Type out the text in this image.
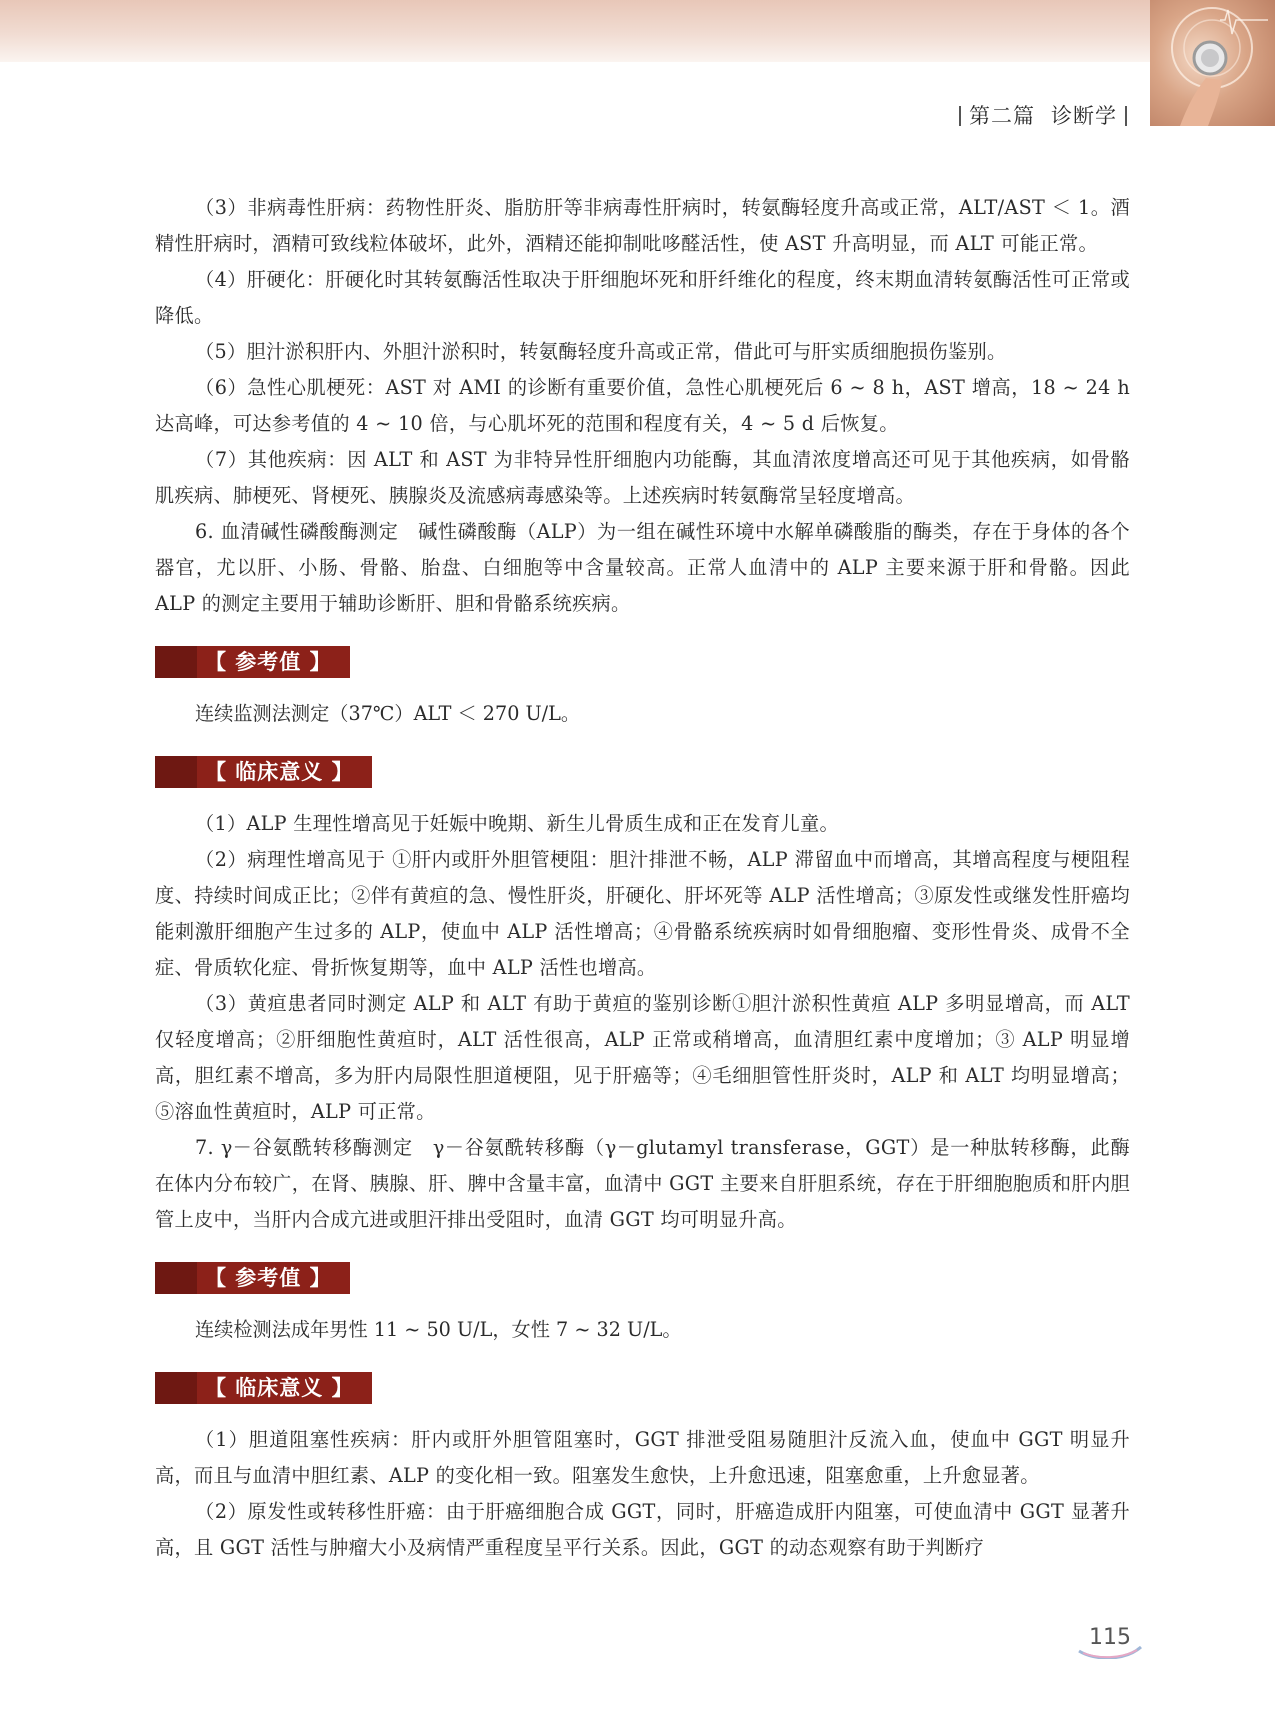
第二篇 诊断学

（3）非病毒性肝病：药物性肝炎、脂肪肝等非病毒性肝病时，转氨酶轻度升高或正常，ALT/AST ＜ 1。酒精性肝病时，酒精可致线粒体破坏，此外，酒精还能抑制吡哆醛活性，使 AST 升高明显，而 ALT 可能正常。

（4）肝硬化：肝硬化时其转氨酶活性取决于肝细胞坏死和肝纤维化的程度，终末期血清转氨酶活性可正常或降低。

（5）胆汁淤积肝内、外胆汁淤积时，转氨酶轻度升高或正常，借此可与肝实质细胞损伤鉴别。

（6）急性心肌梗死：AST 对 AMI 的诊断有重要价值，急性心肌梗死后 6 ~ 8 h，AST 增高，18 ~ 24 h 达高峰，可达参考值的 4 ~ 10 倍，与心肌坏死的范围和程度有关，4 ~ 5 d 后恢复。

（7）其他疾病：因 ALT 和 AST 为非特异性肝细胞内功能酶，其血清浓度增高还可见于其他疾病，如骨骼肌疾病、肺梗死、肾梗死、胰腺炎及流感病毒感染等。上述疾病时转氨酶常呈轻度增高。

6. 血清碱性磷酸酶测定　碱性磷酸酶（ALP）为一组在碱性环境中水解单磷酸脂的酶类，存在于身体的各个器官，尤以肝、小肠、骨骼、胎盘、白细胞等中含量较高。正常人血清中的 ALP 主要来源于肝和骨骼。因此 ALP 的测定主要用于辅助诊断肝、胆和骨骼系统疾病。

【 参考值 】

连续监测法测定（37℃）ALT ＜ 270 U/L。

【 临床意义 】

（1）ALP 生理性增高见于妊娠中晚期、新生儿骨质生成和正在发育儿童。

（2）病理性增高见于 ①肝内或肝外胆管梗阻：胆汁排泄不畅，ALP 滞留血中而增高，其增高程度与梗阻程度、持续时间成正比；②伴有黄疸的急、慢性肝炎，肝硬化、肝坏死等 ALP 活性增高；③原发性或继发性肝癌均能刺激肝细胞产生过多的 ALP，使血中 ALP 活性增高；④骨骼系统疾病时如骨细胞瘤、变形性骨炎、成骨不全症、骨质软化症、骨折恢复期等，血中 ALP 活性也增高。

（3）黄疸患者同时测定 ALP 和 ALT 有助于黄疸的鉴别诊断①胆汁淤积性黄疸 ALP 多明显增高，而 ALT 仅轻度增高；②肝细胞性黄疸时，ALT 活性很高，ALP 正常或稍增高，血清胆红素中度增加；③ ALP 明显增高，胆红素不增高，多为肝内局限性胆道梗阻，见于肝癌等；④毛细胆管性肝炎时，ALP 和 ALT 均明显增高；⑤溶血性黄疸时，ALP 可正常。

7. γ－谷氨酰转移酶测定　γ－谷氨酰转移酶（γ－glutamyl transferase，GGT）是一种肽转移酶，此酶在体内分布较广，在肾、胰腺、肝、脾中含量丰富，血清中 GGT 主要来自肝胆系统，存在于肝细胞胞质和肝内胆管上皮中，当肝内合成亢进或胆汗排出受阻时，血清 GGT 均可明显升高。

【 参考值 】

连续检测法成年男性 11 ~ 50 U/L，女性 7 ~ 32 U/L。

【 临床意义 】

（1）胆道阻塞性疾病：肝内或肝外胆管阻塞时，GGT 排泄受阻易随胆汁反流入血，使血中 GGT 明显升高，而且与血清中胆红素、ALP 的变化相一致。阻塞发生愈快，上升愈迅速，阻塞愈重，上升愈显著。

（2）原发性或转移性肝癌：由于肝癌细胞合成 GGT，同时，肝癌造成肝内阻塞，可使血清中 GGT 显著升高，且 GGT 活性与肿瘤大小及病情严重程度呈平行关系。因此，GGT 的动态观察有助于判断疗

115
